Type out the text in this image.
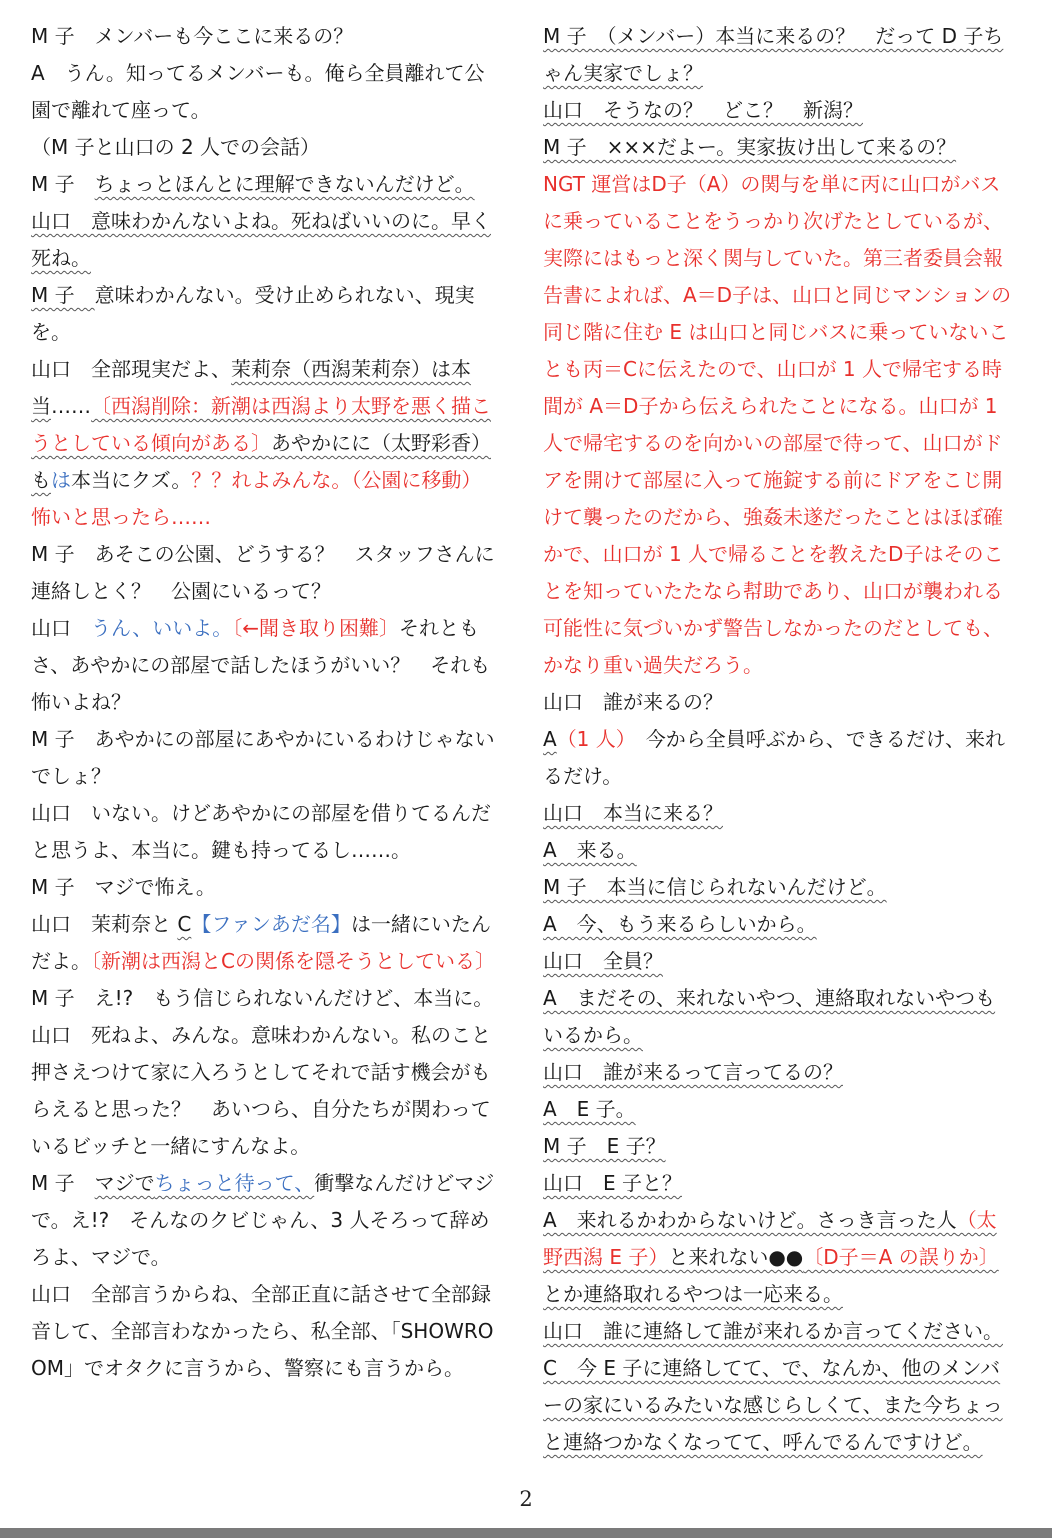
M 子　メンバーも今ここに来るの？

A　うん。知ってるメンバーも。俺ら全員離れて公園で離れて座って。

（M 子と山口の 2 人での会話）

M 子　ちょっとほんとに理解できないんだけど。

山口　意味わかんないよね。死ねばいいのに。早く死ね。

M 子　意味わかんない。受け止められない、現実を。

山口　全部現実だよ、茉莉奈（西潟茉莉奈）は本当……〔西潟削除：新潮は西潟より太野を悪く描こうとしている傾向がある〕あやかにに（太野彩香）もは本当にクズ。？？れよみんな。（公園に移動）怖いと思ったら……

M 子　あそこの公園、どうする？　スタッフさんに連絡しとく？　公園にいるって？

山口　うん、いいよ。〔←聞き取り困難〕それともさ、あやかにの部屋で話したほうがいい？　それも怖いよね？

M 子　あやかにの部屋にあやかにいるわけじゃないでしょ？

山口　いない。けどあやかにの部屋を借りてるんだと思うよ、本当に。鍵も持ってるし……。

M 子　マジで怖え。

山口　茉莉奈と C【ファンあだ名】は一緒にいたんだよ。〔新潮は西潟とCの関係を隠そうとしている〕

M 子　え!?　もう信じられないんだけど、本当に。

山口　死ねよ、みんな。意味わかんない。私のこと押さえつけて家に入ろうとしてそれで話す機会がもらえると思った？　あいつら、自分たちが関わっているビッチと一緒にすんなよ。

M 子　マジでちょっと待って、衝撃なんだけどマジで。え!?　そんなのクビじゃん、3 人そろって辞めろよ、マジで。

山口　全部言うからね、全部正直に話させて全部録音して、全部言わなかったら、私全部、「SHOWROOM」でオタクに言うから、警察にも言うから。

M 子　（メンバー）本当に来るの？　だって D 子ちゃん実家でしょ？

山口　そうなの？　どこ？　新潟？

M 子　×××だよー。実家抜け出して来るの？

NGT 運営はD子（A）の関与を単に丙に山口がバスに乗っていることをうっかり次げたとしているが、実際にはもっと深く関与していた。第三者委員会報告書によれば、A＝D子は、山口と同じマンションの同じ階に住む E は山口と同じバスに乗っていないことも丙＝Cに伝えたので、山口が 1 人で帰宅する時間が A＝D子から伝えられたことになる。山口が 1 人で帰宅するのを向かいの部屋で待って、山口がドアを開けて部屋に入って施錠する前にドアをこじ開けて襲ったのだから、強姦未遂だったことはほぼ確かで、山口が 1 人で帰ることを教えたD子はそのことを知っていたたなら幇助であり、山口が襲われる可能性に気づいかず警告しなかったのだとしても、かなり重い過失だろう。

山口　誰が来るの？

A（1 人）　今から全員呼ぶから、できるだけ、来れるだけ。

山口　本当に来る？

A　来る。

M 子　本当に信じられないんだけど。

A　今、もう来るらしいから。

山口　全員？

A　まだその、来れないやつ、連絡取れないやつもいるから。

山口　誰が来るって言ってるの？

A　E 子。

M 子　E 子？

山口　E 子と？

A　来れるかわからないけど。さっき言った人（太野西潟 E 子）と来れない●●〔D子＝A の誤りか〕とか連絡取れるやつは一応来る。

山口　誰に連絡して誰が来れるか言ってください。

C　今 E 子に連絡してて、で、なんか、他のメンバーの家にいるみたいな感じらしくて、また今ちょっと連絡つかなくなってて、呼んでるんですけど。

2
